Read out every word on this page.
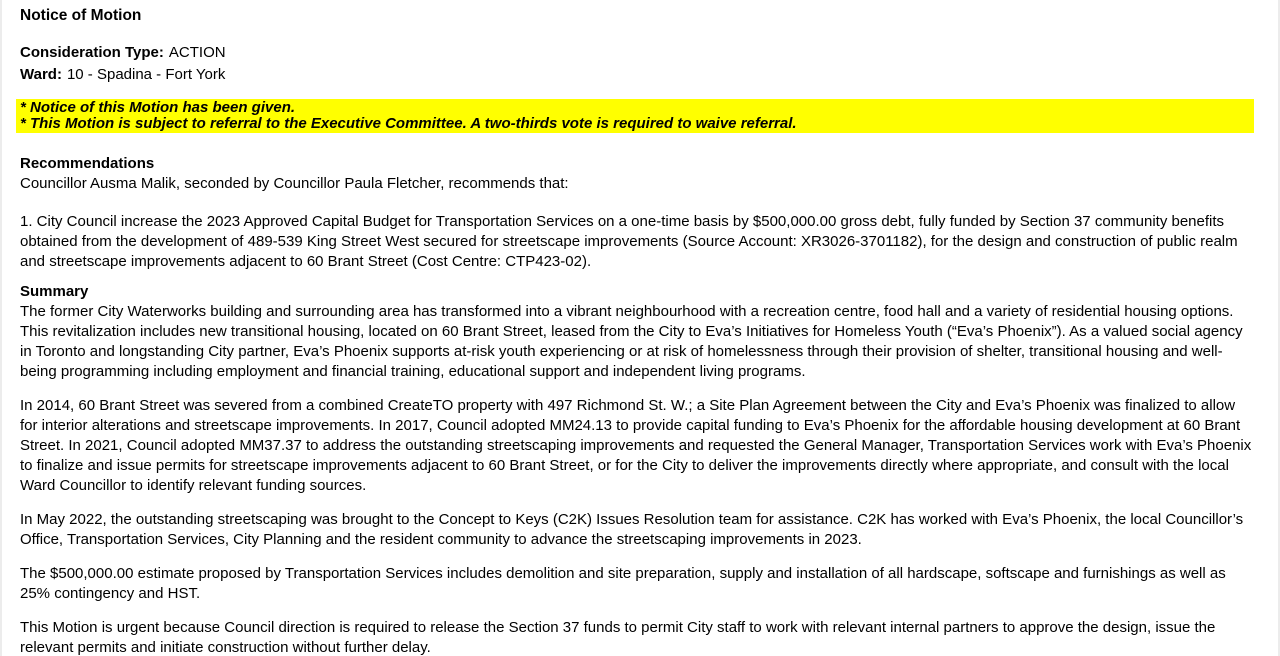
Notice of Motion
Consideration Type: ACTION
Ward: 10 - Spadina - Fort York
* Notice of this Motion has been given.
* This Motion is subject to referral to the Executive Committee. A two-thirds vote is required to waive referral.
Recommendations

Councillor Ausma Malik, seconded by Councillor Paula Fletcher, recommends that:

1. City Council increase the 2023 Approved Capital Budget for Transportation Services on a one-time basis by $500,000.00 gross debt, fully funded by Section 37 community benefits obtained from the development of 489-539 King Street West secured for streetscape improvements (Source Account: XR3026-3701182), for the design and construction of public realm and streetscape improvements adjacent to 60 Brant Street (Cost Centre: CTP423-02).

Summary

The former City Waterworks building and surrounding area has transformed into a vibrant neighbourhood with a recreation centre, food hall and a variety of residential housing options. This revitalization includes new transitional housing, located on 60 Brant Street, leased from the City to Eva’s Initiatives for Homeless Youth (“Eva’s Phoenix”). As a valued social agency in Toronto and longstanding City partner, Eva’s Phoenix supports at-risk youth experiencing or at risk of homelessness through their provision of shelter, transitional housing and well-being programming including employment and financial training, educational support and independent living programs.

In 2014, 60 Brant Street was severed from a combined CreateTO property with 497 Richmond St. W.; a Site Plan Agreement between the City and Eva’s Phoenix was finalized to allow for interior alterations and streetscape improvements. In 2017, Council adopted MM24.13 to provide capital funding to Eva’s Phoenix for the affordable housing development at 60 Brant Street. In 2021, Council adopted MM37.37 to address the outstanding streetscaping improvements and requested the General Manager, Transportation Services work with Eva’s Phoenix to finalize and issue permits for streetscape improvements adjacent to 60 Brant Street, or for the City to deliver the improvements directly where appropriate, and consult with the local Ward Councillor to identify relevant funding sources.

In May 2022, the outstanding streetscaping was brought to the Concept to Keys (C2K) Issues Resolution team for assistance. C2K has worked with Eva’s Phoenix, the local Councillor’s Office, Transportation Services, City Planning and the resident community to advance the streetscaping improvements in 2023.

The $500,000.00 estimate proposed by Transportation Services includes demolition and site preparation, supply and installation of all hardscape, softscape and furnishings as well as 25% contingency and HST.

This Motion is urgent because Council direction is required to release the Section 37 funds to permit City staff to work with relevant internal partners to approve the design, issue the relevant permits and initiate construction without further delay.
